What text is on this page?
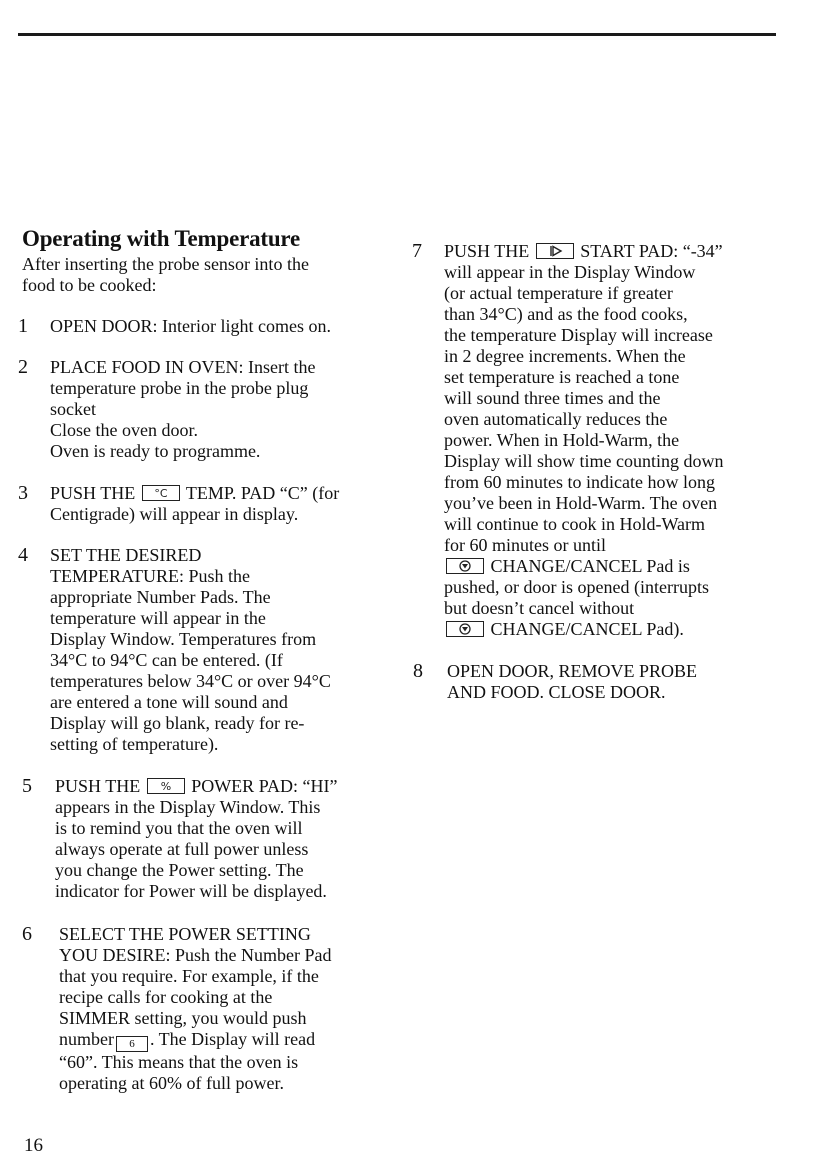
Operating with Temperature
After inserting the probe sensor into the
food to be cooked:
1 OPEN DOOR: Interior light comes on.
2 PLACE FOOD IN OVEN: Insert the
temperature probe in the probe plug
socket
Close the oven door.
Oven is ready to programme.
3 PUSH THE °C TEMP. PAD “C” (for
Centigrade) will appear in display.
4 SET THE DESIRED
TEMPERATURE: Push the
appropriate Number Pads. The
temperature will appear in the
Display Window. Temperatures from
34°C to 94°C can be entered. (If
temperatures below 34°C or over 94°C
are entered a tone will sound and
Display will go blank, ready for re-
setting of temperature).
5 PUSH THE % POWER PAD: “HI”
appears in the Display Window. This
is to remind you that the oven will
always operate at full power unless
you change the Power setting. The
indicator for Power will be displayed.
6 SELECT THE POWER SETTING
YOU DESIRE: Push the Number Pad
that you require. For example, if the
recipe calls for cooking at the
SIMMER setting, you would push
number 6 . The Display will read
“60”. This means that the oven is
operating at 60% of full power.
7 PUSH THE	START PAD: “-34”
will appear in the Display Window
(or actual temperature if greater
than 34°C) and as the food cooks,
the temperature Display will increase
in 2 degree increments. When the
set temperature is reached a tone
will sound three times and the
oven automatically reduces the
power. When in Hold-Warm, the
Display will show time counting down
from 60 minutes to indicate how long
you’ve been in Hold-Warm. The oven
will continue to cook in Hold-Warm
for 60 minutes or until
CHANGE/CANCEL Pad is
pushed, or door is opened (interrupts
but doesn’t cancel without
CHANGE/CANCEL Pad).
8 OPEN DOOR, REMOVE PROBE
AND FOOD. CLOSE DOOR.
16
